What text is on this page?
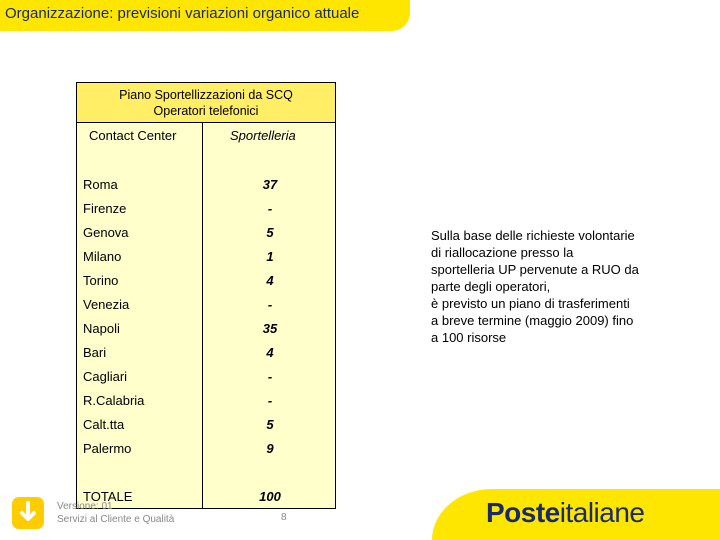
Organizzazione: previsioni variazioni organico attuale
Piano Sportellizzazioni da SCQ
Operatori telefonici
Contact Center	Sportelleria
Roma	37
Firenze	-
Genova	5
Milano	1
Torino	4
Venezia	-
Napoli	35
Bari	4
Cagliari	-
R.Calabria	-
Calt.tta	5
Palermo	9
TOTALE	100
Sulla base delle richieste volontarie
di riallocazione presso la
sportelleria UP pervenute a RUO da
parte degli operatori,
è previsto un piano di trasferimenti
a breve termine (maggio 2009) fino
a 100 risorse
Versione: 01
Servizi al Cliente e Qualità	8	Posteitaliane
